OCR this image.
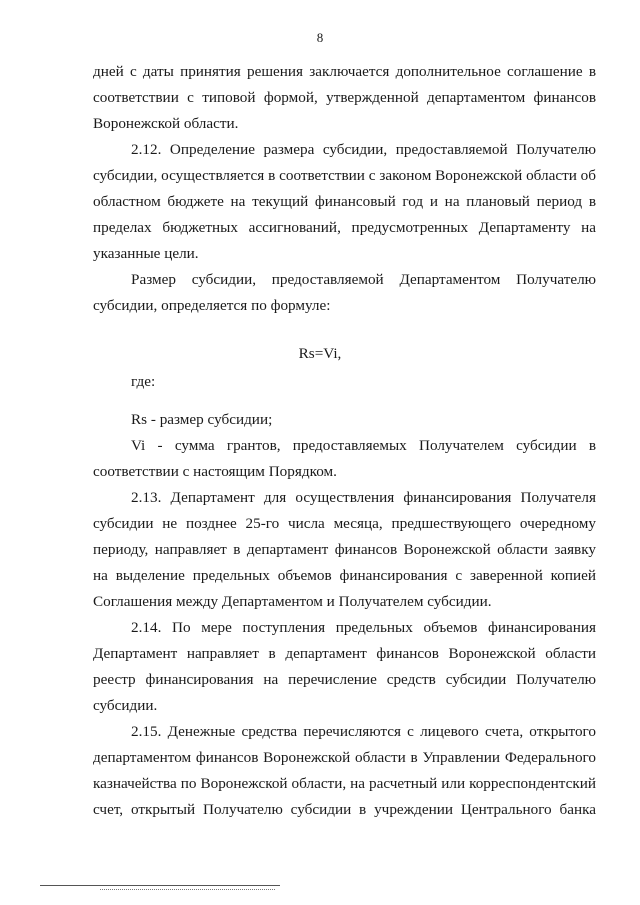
8

дней с даты принятия решения заключается дополнительное соглашение в соответствии с типовой формой, утвержденной департаментом финансов Воронежской области.

2.12. Определение размера субсидии, предоставляемой Получателю субсидии, осуществляется в соответствии с законом Воронежской области об областном бюджете на текущий финансовый год и на плановый период в пределах бюджетных ассигнований, предусмотренных Департаменту на указанные цели.

Размер субсидии, предоставляемой Департаментом Получателю субсидии, определяется по формуле:

Rs=Vi,

где:

Rs - размер субсидии;

Vi - сумма грантов, предоставляемых Получателем субсидии в соответствии с настоящим Порядком.

2.13. Департамент для осуществления финансирования Получателя субсидии не позднее 25-го числа месяца, предшествующего очередному периоду, направляет в департамент финансов Воронежской области заявку на выделение предельных объемов финансирования с заверенной копией Соглашения между Департаментом и Получателем субсидии.

2.14. По мере поступления предельных объемов финансирования Департамент направляет в департамент финансов Воронежской области реестр финансирования на перечисление средств субсидии Получателю субсидии.

2.15. Денежные средства перечисляются с лицевого счета, открытого департаментом финансов Воронежской области в Управлении Федерального казначейства по Воронежской области, на расчетный или корреспондентский счет, открытый Получателю субсидии в учреждении Центрального банка
